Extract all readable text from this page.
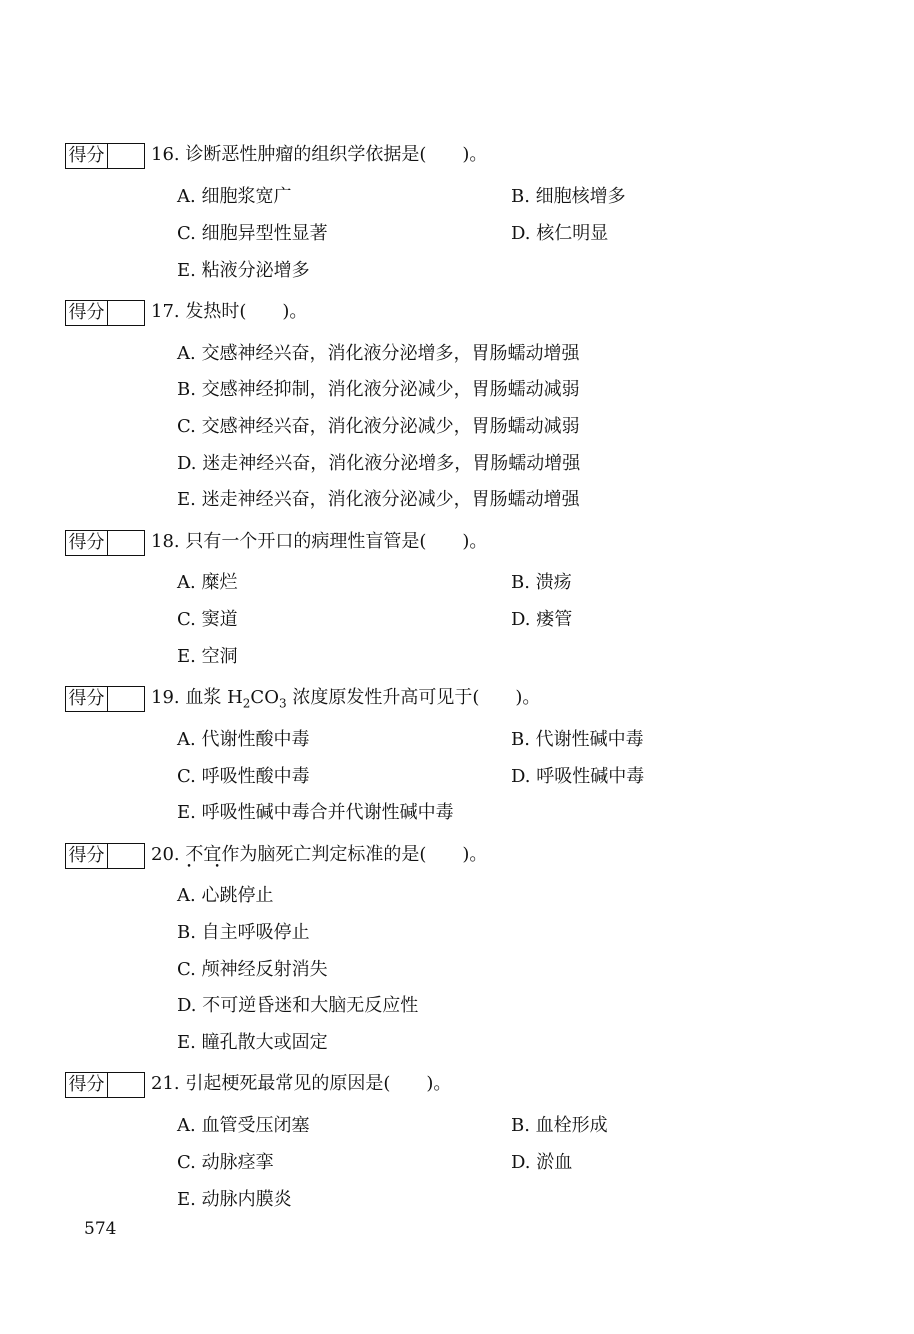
得分	16. 诊断恶性肿瘤的组织学依据是(　　)。
A. 细胞浆宽广	B. 细胞核增多
C. 细胞异型性显著	D. 核仁明显
E. 粘液分泌增多
得分	17. 发热时(　　)。
A. 交感神经兴奋，消化液分泌增多，胃肠蠕动增强
B. 交感神经抑制，消化液分泌减少，胃肠蠕动减弱
C. 交感神经兴奋，消化液分泌减少，胃肠蠕动减弱
D. 迷走神经兴奋，消化液分泌增多，胃肠蠕动增强
E. 迷走神经兴奋，消化液分泌减少，胃肠蠕动增强
得分	18. 只有一个开口的病理性盲管是(　　)。
A. 糜烂	B. 溃疡
C. 窦道	D. 瘘管
E. 空洞
得分	19. 血浆 $H_2CO_3$ 浓度原发性升高可见于(　　)。
A. 代谢性酸中毒	B. 代谢性碱中毒
C. 呼吸性酸中毒	D. 呼吸性碱中毒
E. 呼吸性碱中毒合并代谢性碱中毒
得分	20. 不宜 • •作为脑死亡判定标准的是(　　)。
A. 心跳停止
B. 自主呼吸停止
C. 颅神经反射消失
D. 不可逆昏迷和大脑无反应性
E. 瞳孔散大或固定
得分	21. 引起梗死最常见的原因是(　　)。
A. 血管受压闭塞	B. 血栓形成
C. 动脉痉挛	D. 淤血
E. 动脉内膜炎
574
